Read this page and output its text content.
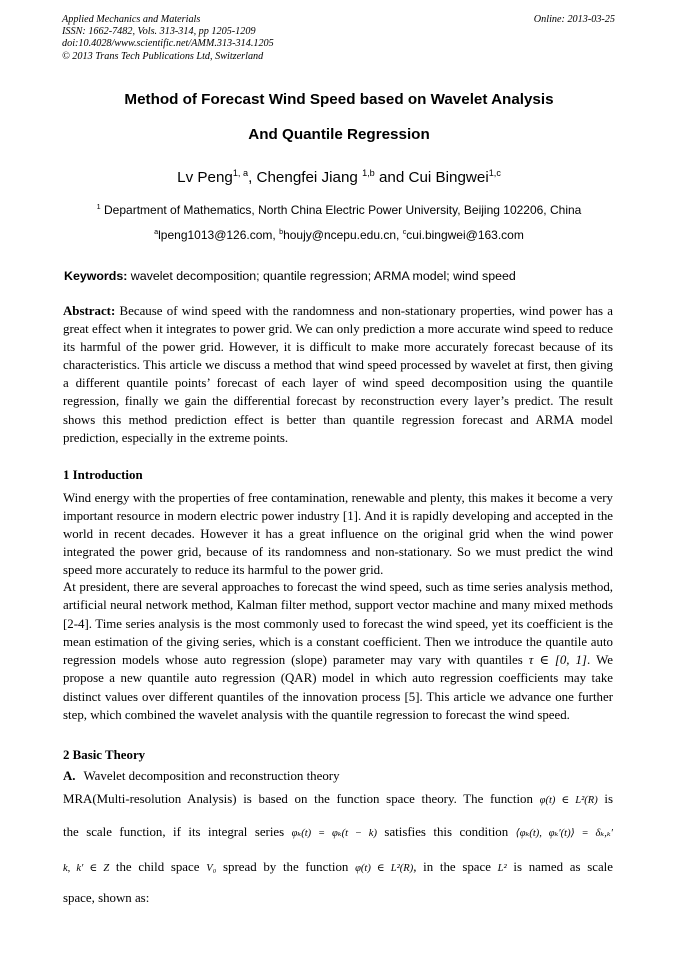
Applied Mechanics and Materials
ISSN: 1662-7482, Vols. 313-314, pp 1205-1209
doi:10.4028/www.scientific.net/AMM.313-314.1205
© 2013 Trans Tech Publications Ltd, Switzerland
Online: 2013-03-25
Method of Forecast Wind Speed based on Wavelet Analysis
And Quantile Regression
Lv Peng$^{1, a}$, Chengfei Jiang $^{1,b}$ and Cui Bingwei$^{1,c}$
$^1$ Department of Mathematics, North China Electric Power University, Beijing 102206, China
$^a$lpeng1013@126.com, $^b$houjy@ncepu.edu.cn, $^c$cui.bingwei@163.com
Keywords: wavelet decomposition; quantile regression; ARMA model; wind speed
Abstract: Because of wind speed with the randomness and non-stationary properties, wind power has a great effect when it integrates to power grid. We can only prediction a more accurate wind speed to reduce its harmful of the power grid. However, it is difficult to make more accurately forecast because of its characteristics. This article we discuss a method that wind speed processed by wavelet at first, then giving a different quantile points’ forecast of each layer of wind speed decomposition using the quantile regression, finally we gain the differential forecast by reconstruction every layer’s predict. The result shows this method prediction effect is better than quantile regression forecast and ARMA model prediction, especially in the extreme points.
1 Introduction
Wind energy with the properties of free contamination, renewable and plenty, this makes it become a very important resource in modern electric power industry [1]. And it is rapidly developing and accepted in the world in recent decades. However it has a great influence on the original grid when the wind power integrated the power grid, because of its randomness and non-stationary. So we must predict the wind speed more accurately to reduce its harmful to the power grid.
At president, there are several approaches to forecast the wind speed, such as time series analysis method, artificial neural network method, Kalman filter method, support vector machine and many mixed methods [2-4]. Time series analysis is the most commonly used to forecast the wind speed, yet its coefficient is the mean estimation of the giving series, which is a constant coefficient. Then we introduce the quantile auto regression models whose auto regression (slope) parameter may vary with quantiles τ ∈ [0, 1]. We propose a new quantile auto regression (QAR) model in which auto regression coefficients may take distinct values over different quantiles of the innovation process [5]. This article we advance one further step, which combined the wavelet analysis with the quantile regression to forecast the wind speed.
2 Basic Theory
A. Wavelet decomposition and reconstruction theory
MRA(Multi-resolution Analysis) is based on the function space theory. The function φ(t) ∈ L²(R) is
the scale function, if its integral series φₖ(t) = φₖ(t − k) satisfies this condition ⟨φₖ(t), φₖ′(t)⟩ = δₖ,ₖ′
k, k′ ∈ Z the child space V₀ spread by the function φ(t) ∈ L²(R), in the space L² is named as scale
space, shown as:
